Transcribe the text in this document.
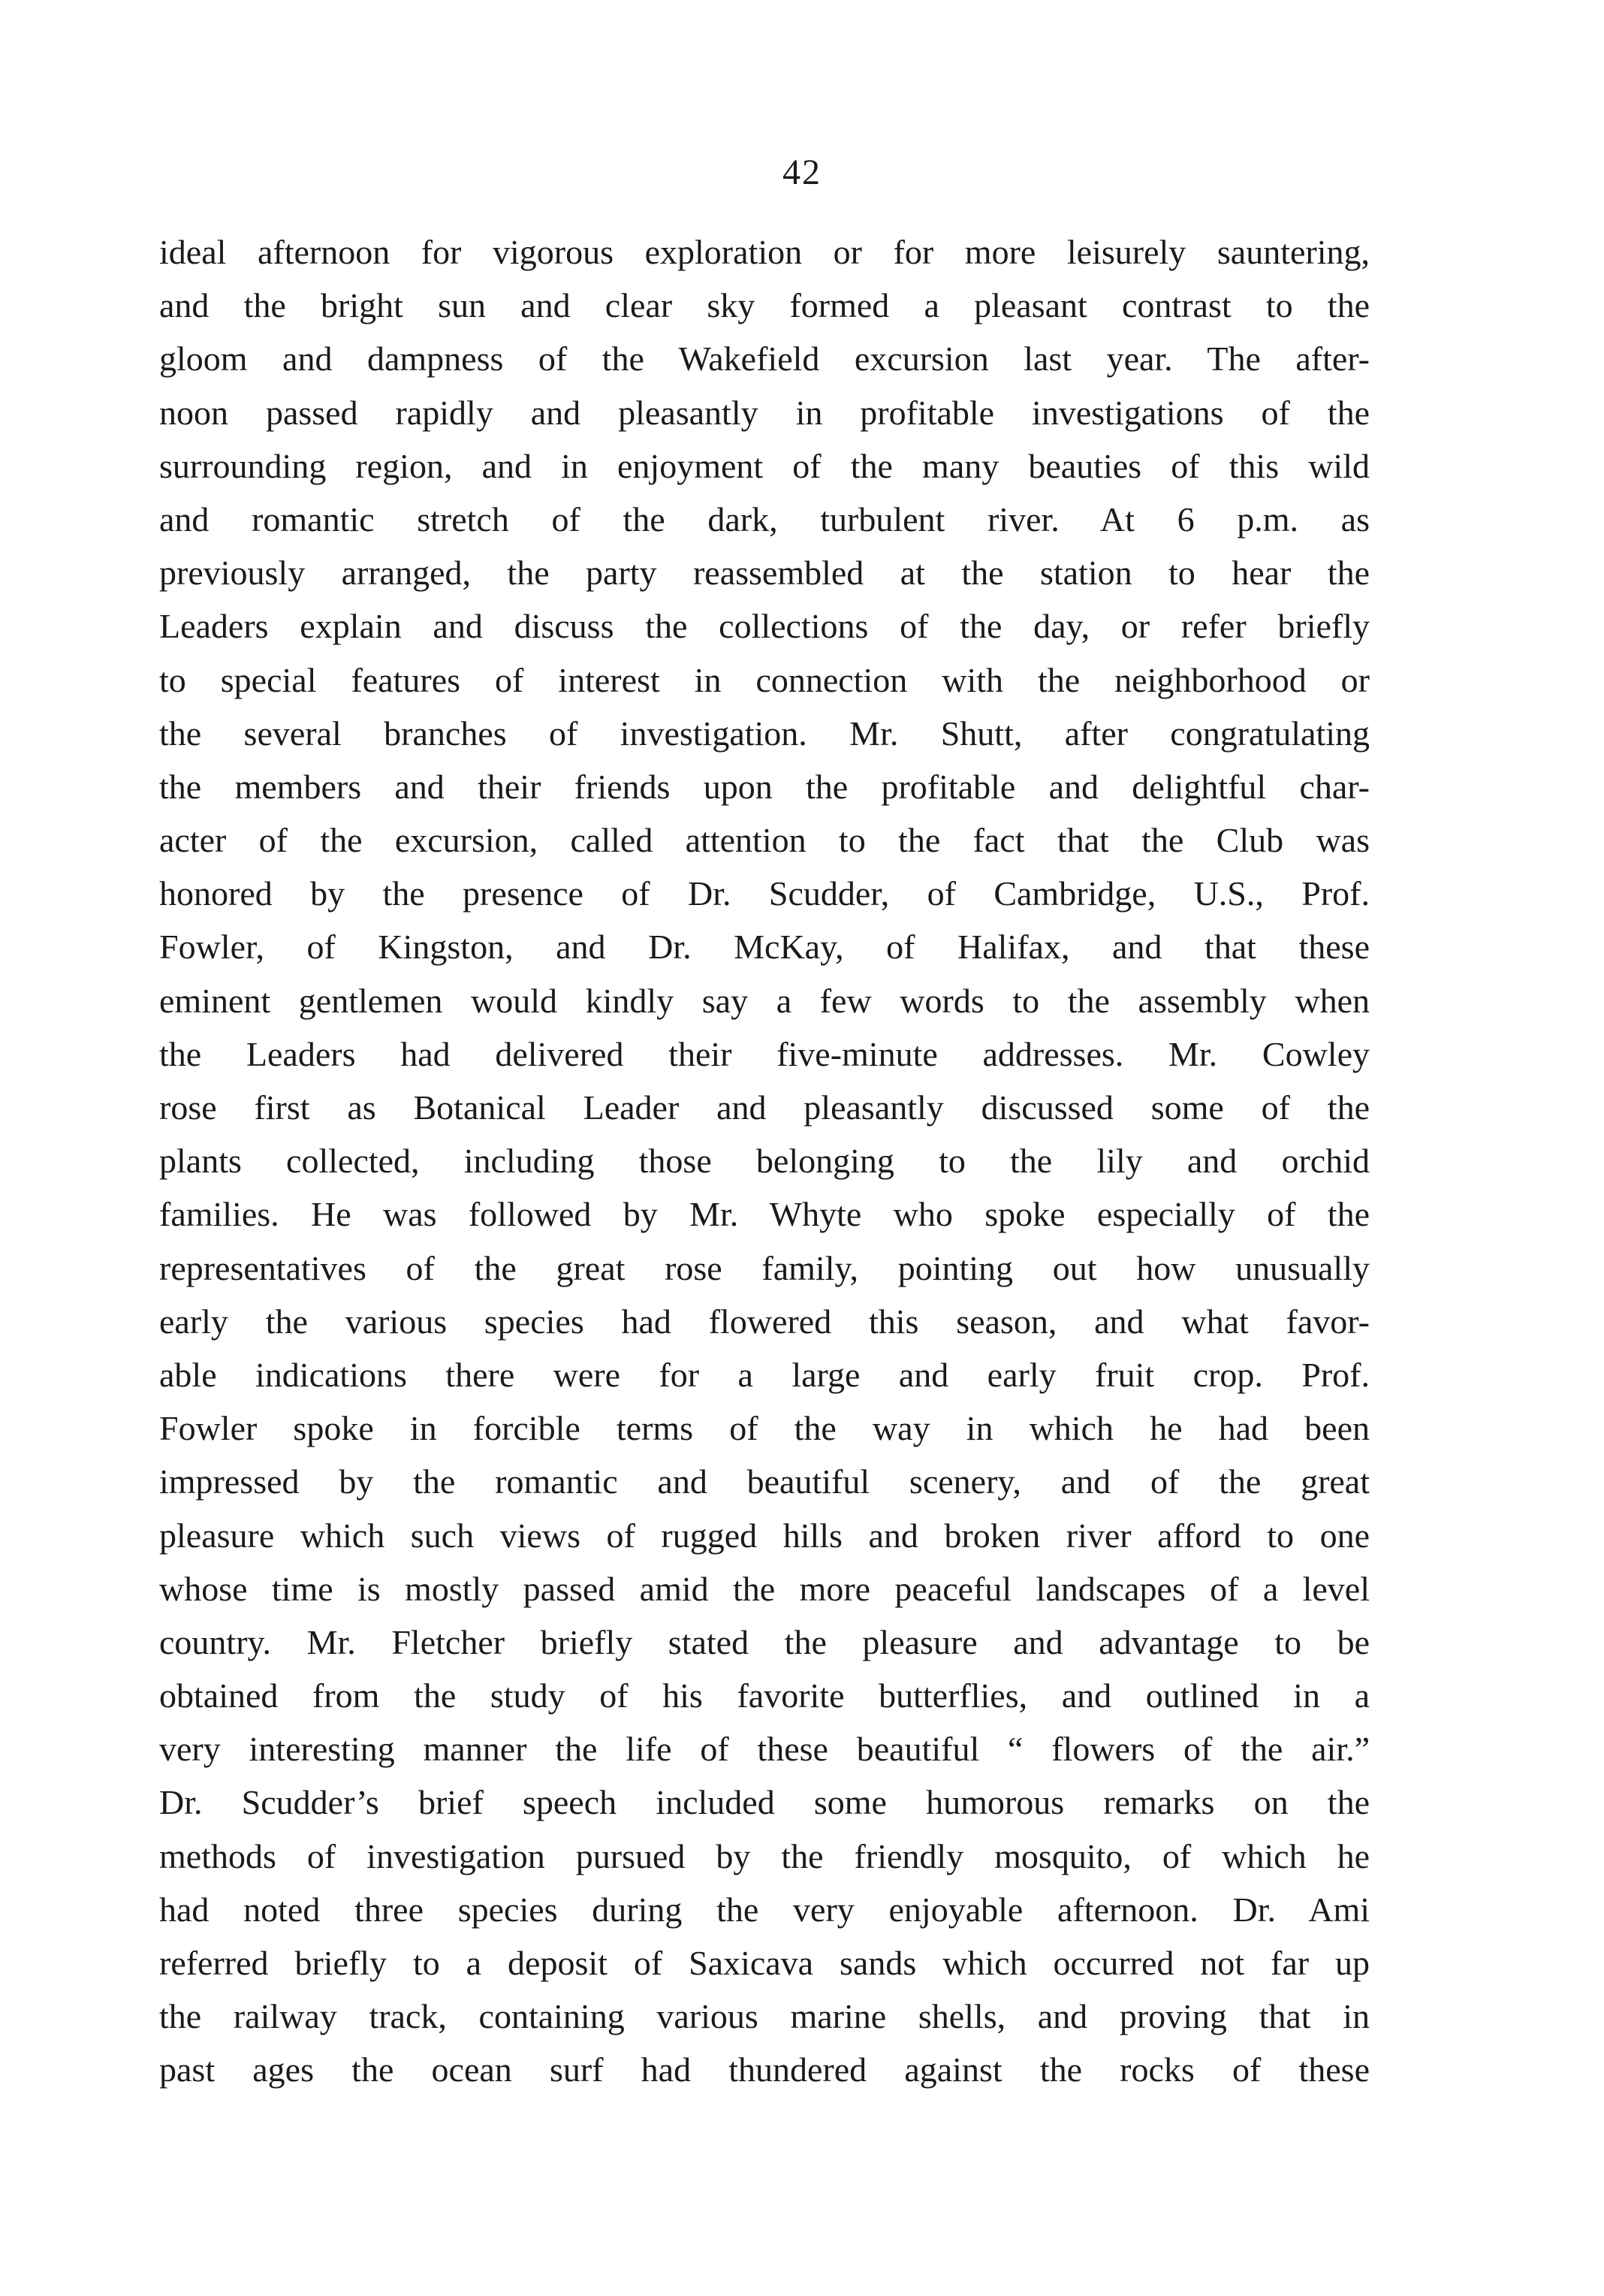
42
ideal afternoon for vigorous exploration or for more leisurely sauntering,
and the bright sun and clear sky formed a pleasant contrast to the
gloom and dampness of the Wakefield excursion last year. The after-
noon passed rapidly and pleasantly in profitable investigations of the
surrounding region, and in enjoyment of the many beauties of this wild
and romantic stretch of the dark, turbulent river. At 6 p.m. as
previously arranged, the party reassembled at the station to hear the
Leaders explain and discuss the collections of the day, or refer briefly
to special features of interest in connection with the neighborhood or
the several branches of investigation. Mr. Shutt, after congratulating
the members and their friends upon the profitable and delightful char-
acter of the excursion, called attention to the fact that the Club was
honored by the presence of Dr. Scudder, of Cambridge, U.S., Prof.
Fowler, of Kingston, and Dr. McKay, of Halifax, and that these
eminent gentlemen would kindly say a few words to the assembly when
the Leaders had delivered their five-minute addresses. Mr. Cowley
rose first as Botanical Leader and pleasantly discussed some of the
plants collected, including those belonging to the lily and orchid
families. He was followed by Mr. Whyte who spoke especially of the
representatives of the great rose family, pointing out how unusually
early the various species had flowered this season, and what favor-
able indications there were for a large and early fruit crop. Prof.
Fowler spoke in forcible terms of the way in which he had been
impressed by the romantic and beautiful scenery, and of the great
pleasure which such views of rugged hills and broken river afford to one
whose time is mostly passed amid the more peaceful landscapes of a level
country. Mr. Fletcher briefly stated the pleasure and advantage to be
obtained from the study of his favorite butterflies, and outlined in a
very interesting manner the life of these beautiful “ flowers of the air.”
Dr. Scudder’s brief speech included some humorous remarks on the
methods of investigation pursued by the friendly mosquito, of which he
had noted three species during the very enjoyable afternoon. Dr. Ami
referred briefly to a deposit of Saxicava sands which occurred not far up
the railway track, containing various marine shells, and proving that in
past ages the ocean surf had thundered against the rocks of these
